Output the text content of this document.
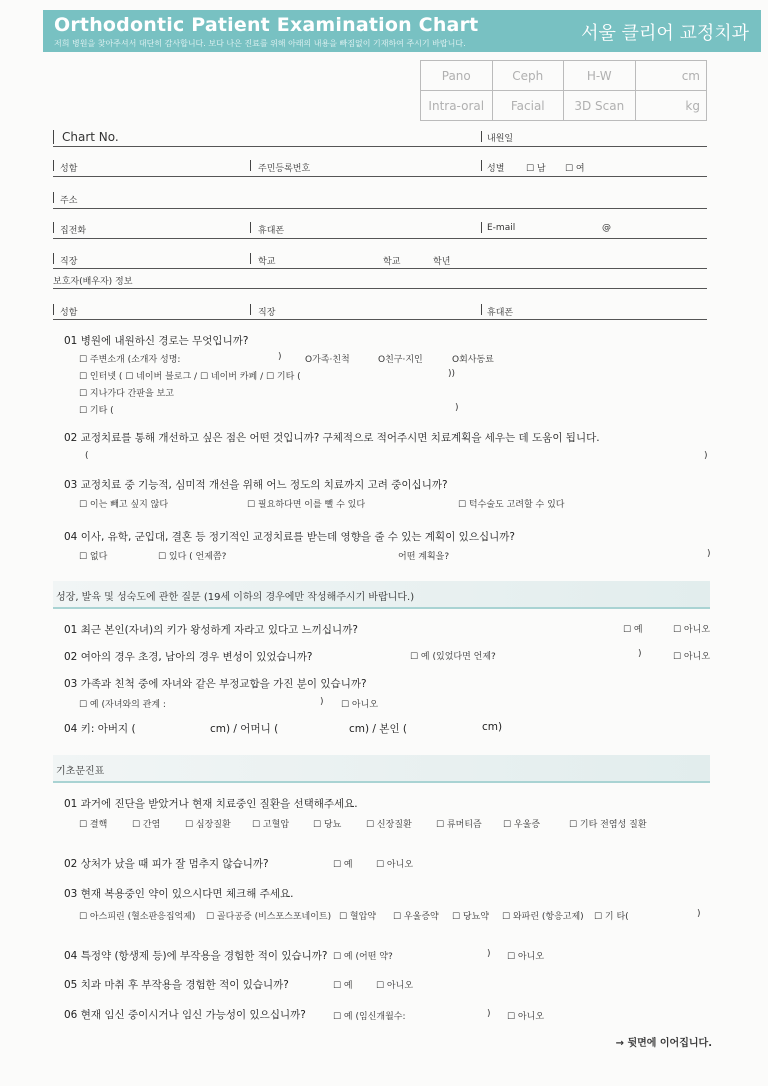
Orthodontic Patient Examination Chart
저희 병원을 찾아주셔서 대단히 감사합니다. 보다 나은 진료를 위해 아래의 내용을 빠짐없이 기재하여 주시기 바랍니다.	서울 클리어 교정치과
Pano	Ceph	H-W	cm
Intra-oral	Facial	3D Scan	kg
Chart No.	내원일
성함	주민등록번호	성별 ☐ 남 ☐ 여
주소
집전화	휴대폰	E-mail	@
직장	학교	학교	학년
보호자(배우자) 정보
성함	직장	휴대폰
01 병원에 내원하신 경로는 무엇입니까?
☐ 주변소개 (소개자 성명:	)	O가족·친척	O친구·지인	O회사동료
☐ 인터넷 ( ☐ 네이버 블로그 / ☐ 네이버 카페 / ☐ 기타 (	))
☐ 지나가다 간판을 보고
☐ 기타 (	)
02 교정치료를 통해 개선하고 싶은 점은 어떤 것입니까? 구체적으로 적어주시면 치료계획을 세우는 데 도움이 됩니다.
(	)
03 교정치료 중 기능적, 심미적 개선을 위해 어느 정도의 치료까지 고려 중이십니까?
☐ 이는 빼고 싶지 않다	☐ 필요하다면 이를 뺄 수 있다	☐ 턱수술도 고려할 수 있다
04 이사, 유학, 군입대, 결혼 등 정기적인 교정치료를 받는데 영향을 줄 수 있는 계획이 있으십니까?
☐ 없다	☐ 있다 ( 언제쯤?	어떤 계획을?	)
성장, 발육 및 성숙도에 관한 질문 (19세 이하의 경우에만 작성해주시기 바랍니다.)
01 최근 본인(자녀)의 키가 왕성하게 자라고 있다고 느끼십니까?	☐ 예	☐ 아니오
02 여아의 경우 초경, 남아의 경우 변성이 있었습니까?	☐ 예 (있었다면 언제?	)	☐ 아니오
03 가족과 친척 중에 자녀와 같은 부정교합을 가진 분이 있습니까?
☐ 예 (자녀와의 관계 :	) ☐ 아니오
04 키: 아버지 (	cm) / 어머니 (	cm) / 본인 (	cm)
기초문진표
01 과거에 진단을 받았거나 현재 치료중인 질환을 선택해주세요.
☐ 결핵	☐ 간염	☐ 심장질환 ☐ 고혈압	☐ 당뇨	☐ 신장질환	☐ 류머티즘 ☐ 우울증	☐ 기타 전염성 질환
02 상처가 났을 때 피가 잘 멈추지 않습니까?	☐ 예	☐ 아니오
03 현재 복용중인 약이 있으시다면 체크해 주세요.
☐ 아스피린 (혈소판응집억제) ☐ 골다공증 (비스포스포네이트) ☐ 혈압약 ☐ 우울증약 ☐ 당뇨약 ☐ 와파린 (항응고제) ☐ 기 타(	)
04 특정약 (항생제 등)에 부작용을 경험한 적이 있습니까? ☐ 예 (어떤 약?	) ☐ 아니오
05 치과 마취 후 부작용을 경험한 적이 있습니까?	☐ 예	☐ 아니오
06 현재 임신 중이시거나 임신 가능성이 있으십니까?	☐ 예 (임신개월수:	) ☐ 아니오
→ 뒷면에 이어집니다.
